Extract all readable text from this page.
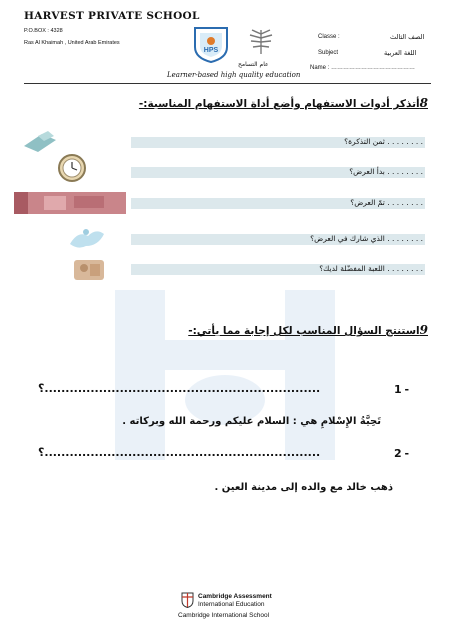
HARVEST PRIVATE SCHOOL
P.O.BOX : 4328
Ras Al Khaimah , United Arab Emirates
HPS
عام التسامح
Learner-based high quality education
Classe :	الصف الثالث
Subject	اللغة العربية
Name : ……………………………………
8أتذكر أدوات الاستفهام وأضع أداة الاستفهام المناسبة:-
. . . . . . . . ثمن التذكرة؟
. . . . . . . . بدأ العرض؟
. . . . . . . . تمّ العرض؟
. . . . . . . . الذي شارك في العرض؟
. . . . . . . . اللعبة المفضّلة لديك؟
9استنتج السؤال المناسب لكل إجابة مما يأتي:-
؟..................................................................	1 -
تَحِيَّةُ الإِسْلامِ هي : السلام عليكم ورحمة الله وبركاته .
؟..................................................................	2 -
ذهب خالد مع والده إلى مدينة العين .
Cambridge Assessment
International Education
Cambridge International School
